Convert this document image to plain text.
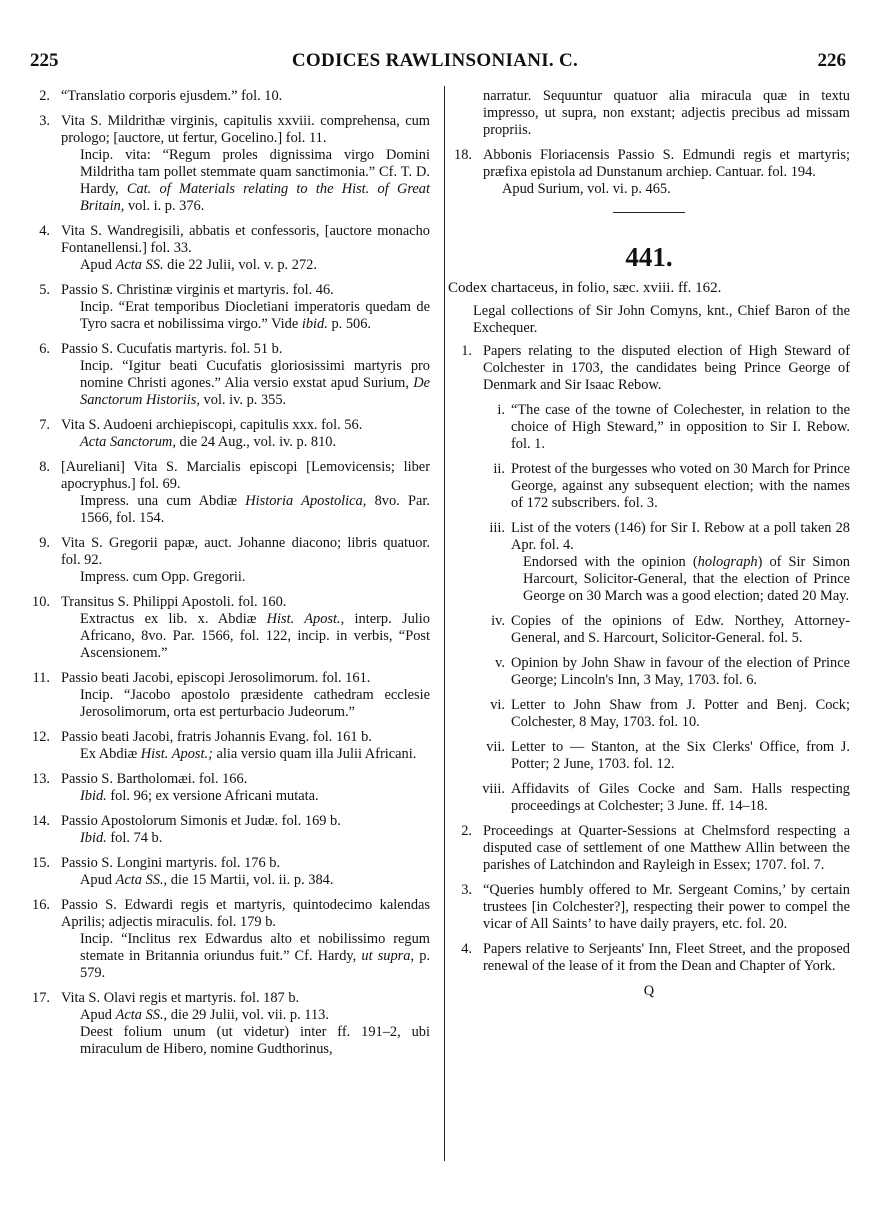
225	CODICES RAWLINSONIANI. C.	226
2. “Translatio corporis ejusdem.” fol. 10.
3. Vita S. Mildrithæ virginis, capitulis xxviii. comprehensa, cum prologo; [auctore, ut fertur, Gocelino.] fol. 11.
Incip. vita: “Regum proles dignissima virgo Domini Mildritha tam pollet stemmate quam sanctimonia.” Cf. T. D. Hardy, Cat. of Materials relating to the Hist. of Great Britain, vol. i. p. 376.
4. Vita S. Wandregisili, abbatis et confessoris, [auctore monacho Fontanellensi.] fol. 33.
Apud Acta SS. die 22 Julii, vol. v. p. 272.
5. Passio S. Christinæ virginis et martyris. fol. 46.
Incip. “Erat temporibus Diocletiani imperatoris quedam de Tyro sacra et nobilissima virgo.” Vide ibid. p. 506.
6. Passio S. Cucufatis martyris. fol. 51 b.
Incip. “Igitur beati Cucufatis gloriosissimi martyris pro nomine Christi agones.” Alia versio exstat apud Surium, De Sanctorum Historiis, vol. iv. p. 355.
7. Vita S. Audoeni archiepiscopi, capitulis xxx. fol. 56.
Acta Sanctorum, die 24 Aug., vol. iv. p. 810.
8. [Aureliani] Vita S. Marcialis episcopi [Lemovicensis; liber apocryphus.] fol. 69.
Impress. una cum Abdiæ Historia Apostolica, 8vo. Par. 1566, fol. 154.
9. Vita S. Gregorii papæ, auct. Johanne diacono; libris quatuor. fol. 92.
Impress. cum Opp. Gregorii.
10. Transitus S. Philippi Apostoli. fol. 160.
Extractus ex lib. x. Abdiæ Hist. Apost., interp. Julio Africano, 8vo. Par. 1566, fol. 122, incip. in verbis, “Post Ascensionem.”
11. Passio beati Jacobi, episcopi Jerosolimorum. fol. 161.
Incip. “Jacobo apostolo præsidente cathedram ecclesie Jerosolimorum, orta est perturbacio Judeorum.”
12. Passio beati Jacobi, fratris Johannis Evang. fol. 161 b.
Ex Abdiæ Hist. Apost.; alia versio quam illa Julii Africani.
13. Passio S. Bartholomæi. fol. 166.
Ibid. fol. 96; ex versione Africani mutata.
14. Passio Apostolorum Simonis et Judæ. fol. 169 b.
Ibid. fol. 74 b.
15. Passio S. Longini martyris. fol. 176 b.
Apud Acta SS., die 15 Martii, vol. ii. p. 384.
16. Passio S. Edwardi regis et martyris, quintodecimo kalendas Aprilis; adjectis miraculis. fol. 179 b.
Incip. “Inclitus rex Edwardus alto et nobilissimo regum stemate in Britannia oriundus fuit.” Cf. Hardy, ut supra, p. 579.
17. Vita S. Olavi regis et martyris. fol. 187 b.
Apud Acta SS., die 29 Julii, vol. vii. p. 113.
Deest folium unum (ut videtur) inter ff. 191–2, ubi miraculum de Hibero, nomine Gudthorinus,
narratur. Sequuntur quatuor alia miracula quæ in textu impresso, ut supra, non exstant; adjectis precibus ad missam propriis.
18. Abbonis Floriacensis Passio S. Edmundi regis et martyris; præfixa epistola ad Dunstanum archiep. Cantuar. fol. 194.
Apud Surium, vol. vi. p. 465.
441.
Codex chartaceus, in folio, sæc. xviii. ff. 162.
Legal collections of Sir John Comyns, knt., Chief Baron of the Exchequer.
1. Papers relating to the disputed election of High Steward of Colchester in 1703, the candidates being Prince George of Denmark and Sir Isaac Rebow.
i. “The case of the towne of Colechester, in relation to the choice of High Steward,” in opposition to Sir I. Rebow. fol. 1.
ii. Protest of the burgesses who voted on 30 March for Prince George, against any subsequent election; with the names of 172 subscribers. fol. 3.
iii. List of the voters (146) for Sir I. Rebow at a poll taken 28 Apr. fol. 4.
Endorsed with the opinion (holograph) of Sir Simon Harcourt, Solicitor-General, that the election of Prince George on 30 March was a good election; dated 20 May.
iv. Copies of the opinions of Edw. Northey, Attorney-General, and S. Harcourt, Solicitor-General. fol. 5.
v. Opinion by John Shaw in favour of the election of Prince George; Lincoln's Inn, 3 May, 1703. fol. 6.
vi. Letter to John Shaw from J. Potter and Benj. Cock; Colchester, 8 May, 1703. fol. 10.
vii. Letter to — Stanton, at the Six Clerks' Office, from J. Potter; 2 June, 1703. fol. 12.
viii. Affidavits of Giles Cocke and Sam. Halls respecting proceedings at Colchester; 3 June. ff. 14–18.
2. Proceedings at Quarter-Sessions at Chelmsford respecting a disputed case of settlement of one Matthew Allin between the parishes of Latchindon and Rayleigh in Essex; 1707. fol. 7.
3. “Queries humbly offered to Mr. Sergeant Comins,’ by certain trustees [in Colchester?], respecting their power to compel the vicar of All Saints’ to have daily prayers, etc. fol. 20.
4. Papers relative to Serjeants' Inn, Fleet Street, and the proposed renewal of the lease of it from the Dean and Chapter of York.
Q
